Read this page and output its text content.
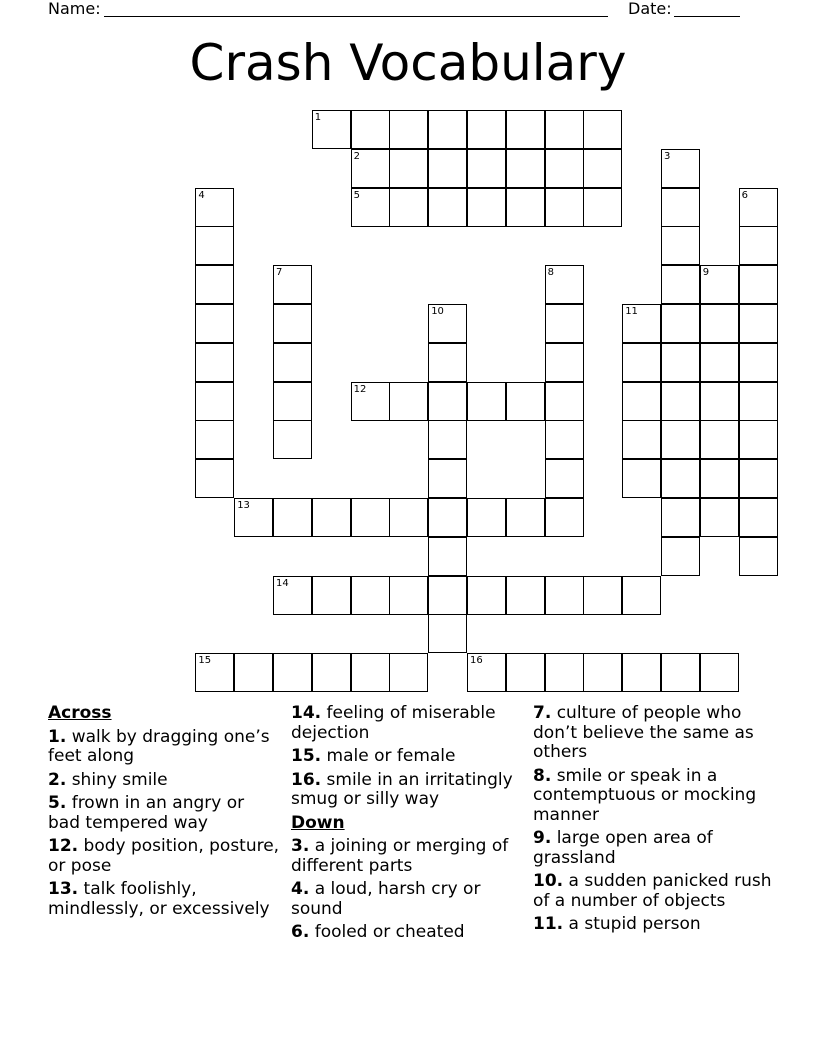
Name:	Date:
Crash Vocabulary
1
2	3
4	5	6
7	8	9
10	11
12
13
14
15	16
Across
1. walk by dragging one’s feet along
2. shiny smile
5. frown in an angry or bad tempered way
12. body position, posture, or pose
13. talk foolishly, mindlessly, or excessively
14. feeling of miserable dejection
15. male or female
16. smile in an irritatingly smug or silly way
Down
3. a joining or merging of different parts
4. a loud, harsh cry or sound
6. fooled or cheated
7. culture of people who don’t believe the same as others
8. smile or speak in a contemptuous or mocking manner
9. large open area of grassland
10. a sudden panicked rush of a number of objects
11. a stupid person
